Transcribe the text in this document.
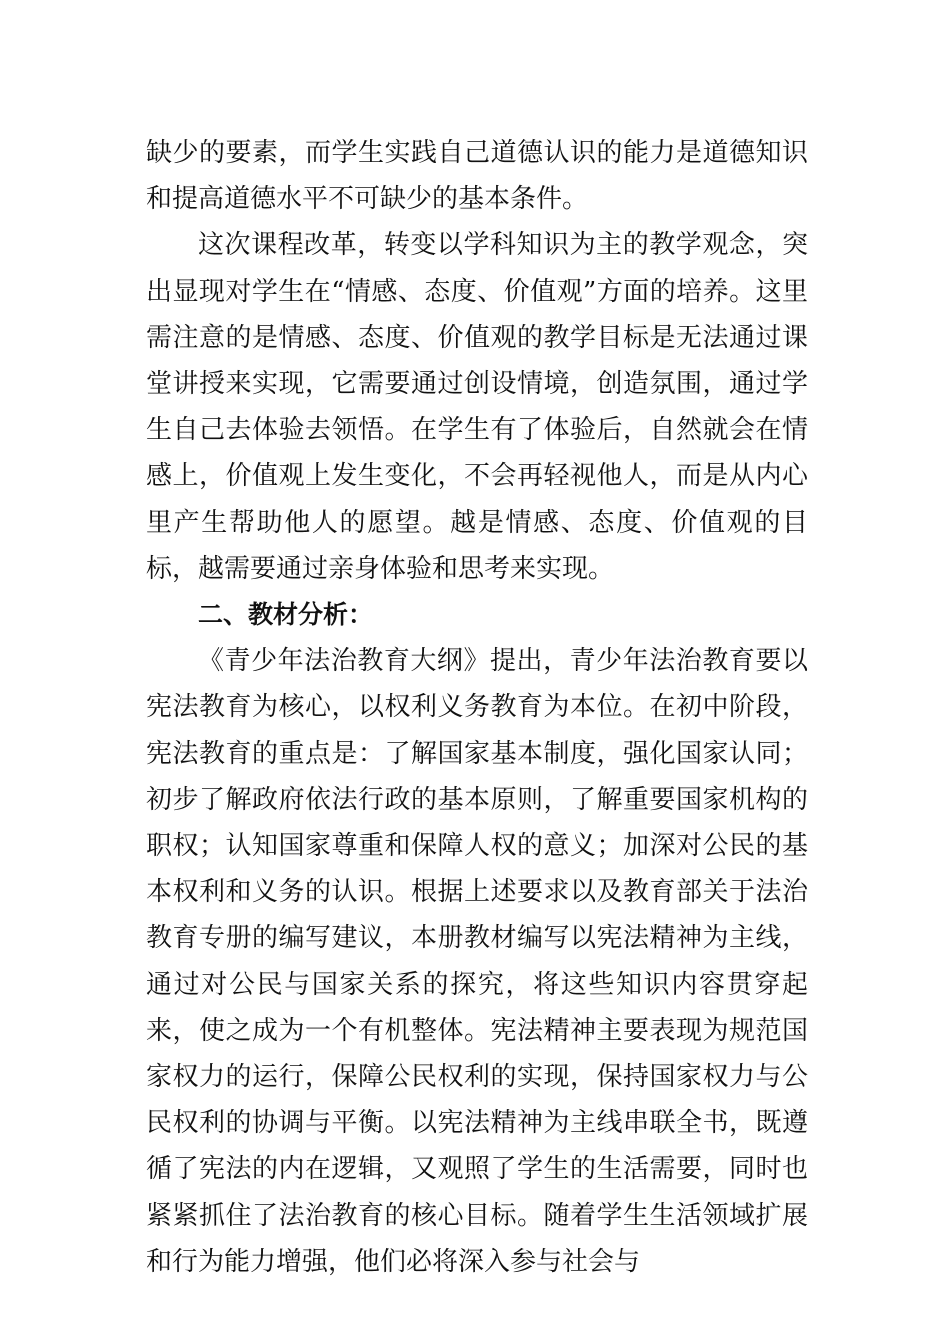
缺少的要素，而学生实践自己道德认识的能力是道德知识和提高道德水平不可缺少的基本条件。

这次课程改革，转变以学科知识为主的教学观念，突出显现对学生在“情感、态度、价值观”方面的培养。这里需注意的是情感、态度、价值观的教学目标是无法通过课堂讲授来实现，它需要通过创设情境，创造氛围，通过学生自己去体验去领悟。在学生有了体验后，自然就会在情感上，价值观上发生变化，不会再轻视他人，而是从内心里产生帮助他人的愿望。越是情感、态度、价值观的目标，越需要通过亲身体验和思考来实现。

二、教材分析：

《青少年法治教育大纲》提出，青少年法治教育要以宪法教育为核心，以权利义务教育为本位。在初中阶段，宪法教育的重点是：了解国家基本制度，强化国家认同；初步了解政府依法行政的基本原则，了解重要国家机构的职权；认知国家尊重和保障人权的意义；加深对公民的基本权利和义务的认识。根据上述要求以及教育部关于法治教育专册的编写建议，本册教材编写以宪法精神为主线，通过对公民与国家关系的探究，将这些知识内容贯穿起来，使之成为一个有机整体。宪法精神主要表现为规范国家权力的运行，保障公民权利的实现，保持国家权力与公民权利的协调与平衡。以宪法精神为主线串联全书，既遵循了宪法的内在逻辑，又观照了学生的生活需要，同时也紧紧抓住了法治教育的核心目标。随着学生生活领域扩展和行为能力增强，他们必将深入参与社会与
